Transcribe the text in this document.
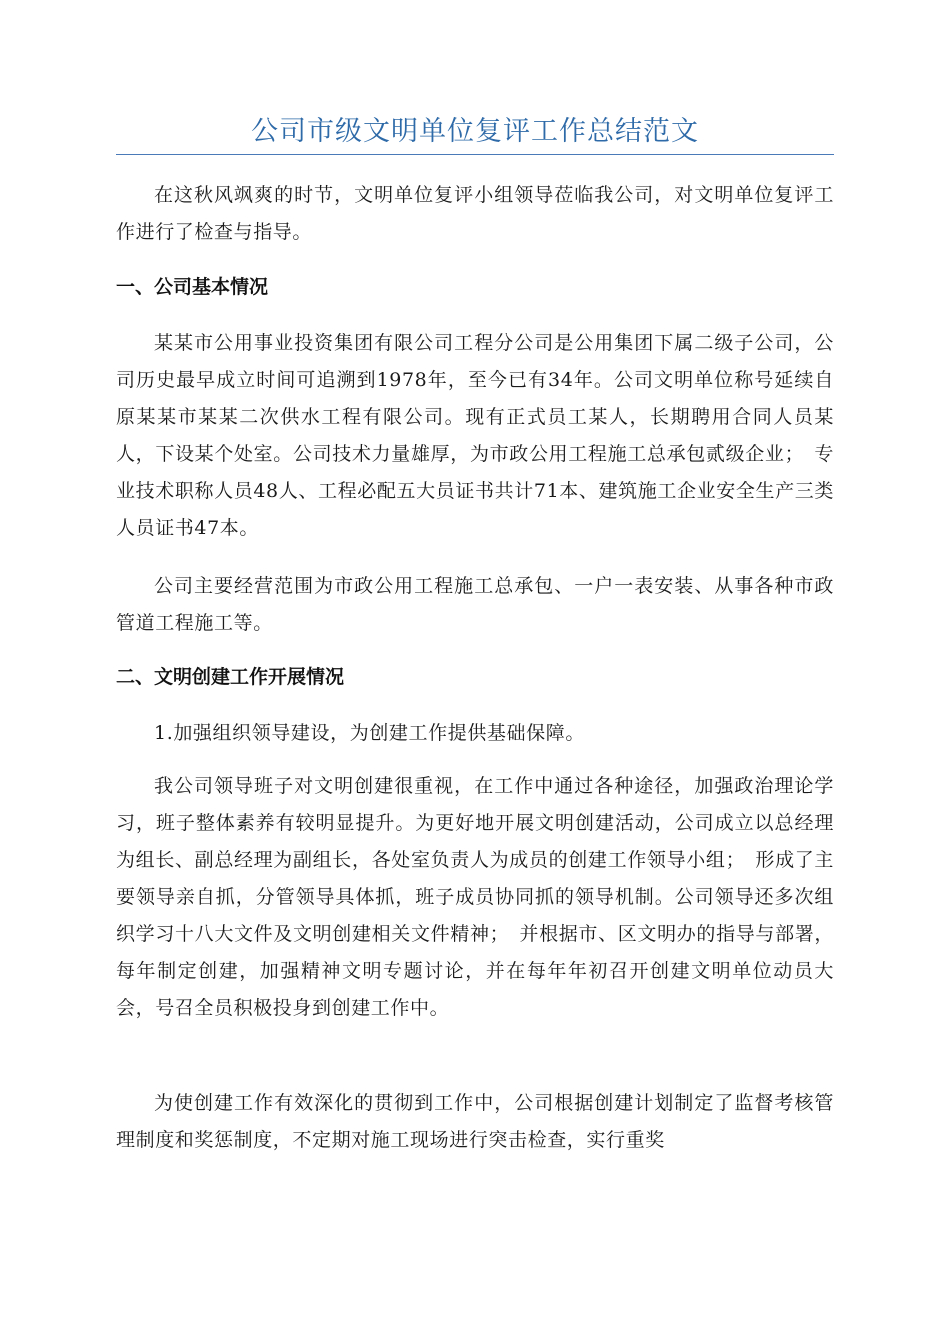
公司市级文明单位复评工作总结范文

在这秋风飒爽的时节，文明单位复评小组领导莅临我公司，对文明单位复评工作进行了检查与指导。

一、公司基本情况

某某市公用事业投资集团有限公司工程分公司是公用集团下属二级子公司，公司历史最早成立时间可追溯到1978年，至今已有34年。公司文明单位称号延续自原某某市某某二次供水工程有限公司。现有正式员工某人，长期聘用合同人员某人，下设某个处室。公司技术力量雄厚，为市政公用工程施工总承包贰级企业；　专业技术职称人员48人、工程必配五大员证书共计71本、建筑施工企业安全生产三类人员证书47本。

公司主要经营范围为市政公用工程施工总承包、一户一表安装、从事各种市政管道工程施工等。

二、文明创建工作开展情况

1.加强组织领导建设，为创建工作提供基础保障。

我公司领导班子对文明创建很重视，在工作中通过各种途径，加强政治理论学习，班子整体素养有较明显提升。为更好地开展文明创建活动，公司成立以总经理为组长、副总经理为副组长，各处室负责人为成员的创建工作领导小组；　形成了主要领导亲自抓，分管领导具体抓，班子成员协同抓的领导机制。公司领导还多次组织学习十八大文件及文明创建相关文件精神；　并根据市、区文明办的指导与部署，每年制定创建，加强精神文明专题讨论，并在每年年初召开创建文明单位动员大会，号召全员积极投身到创建工作中。

为使创建工作有效深化的贯彻到工作中，公司根据创建计划制定了监督考核管理制度和奖惩制度，不定期对施工现场进行突击检查，实行重奖
